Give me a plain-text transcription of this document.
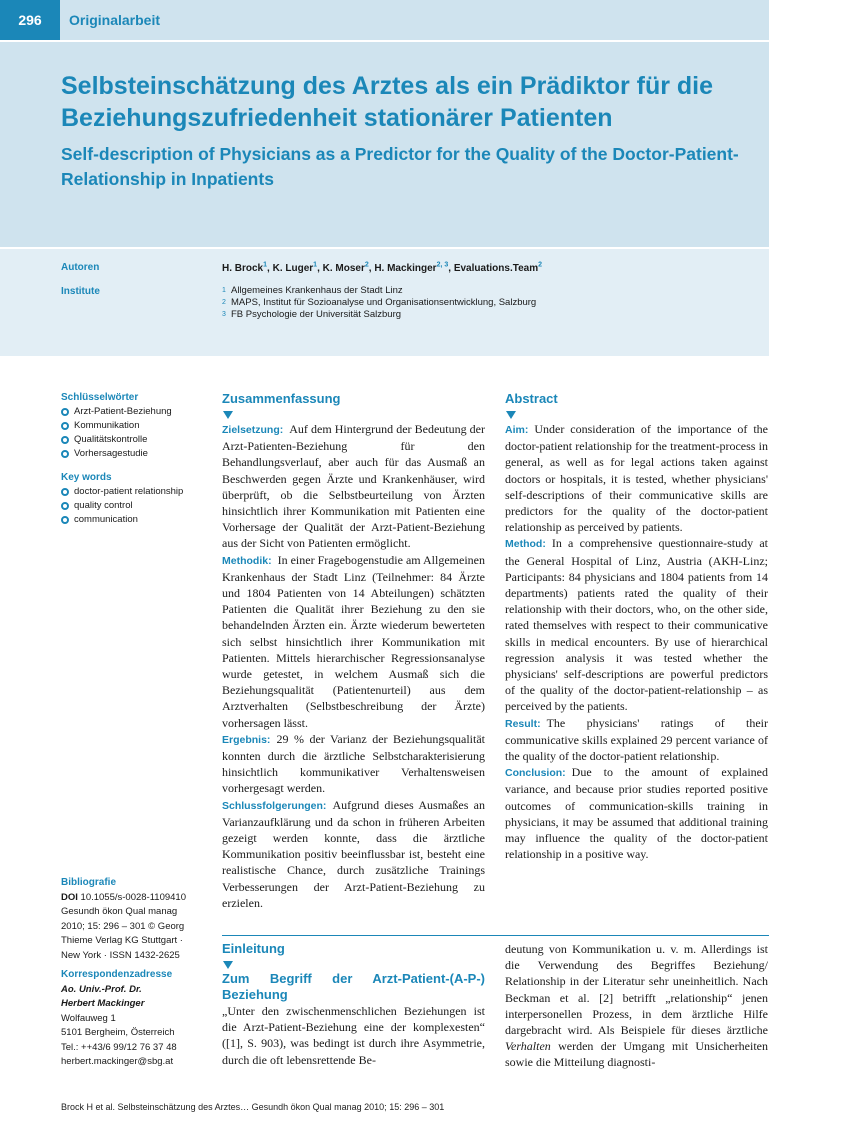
296	Originalarbeit
Selbsteinschätzung des Arztes als ein Prädiktor für die Beziehungszufriedenheit stationärer Patienten
Self-description of Physicians as a Predictor for the Quality of the Doctor-Patient-Relationship in Inpatients
Autoren
Institute
H. Brock$^1$, K. Luger$^1$, K. Moser$^2$, H. Mackinger$^{2, 3}$, Evaluations.Team$^2$
1 Allgemeines Krankenhaus der Stadt Linz
2 MAPS, Institut für Sozioanalyse und Organisationsentwicklung, Salzburg
3 FB Psychologie der Universität Salzburg
Schlüsselwörter
Arzt-Patient-Beziehung
Kommunikation
Qualitätskontrolle
Vorhersagestudie
Key words
doctor-patient relationship
quality control
communication
Bibliografie
DOI 10.1055/s-0028-1109410
Gesundh ökon Qual manag
2010; 15: 296 – 301 © Georg
Thieme Verlag KG Stuttgart ·
New York · ISSN 1432-2625
Korrespondenzadresse
Ao. Univ.-Prof. Dr.
Herbert Mackinger
Wolfauweg 1
5101 Bergheim, Österreich
Tel.: ++43/6 99/12 76 37 48
herbert.mackinger@sbg.at
Zusammenfassung

Zielsetzung: Auf dem Hintergrund der Bedeutung der Arzt-Patienten-Beziehung für den Behandlungsverlauf, aber auch für das Ausmaß an Beschwerden gegen Ärzte und Krankenhäuser, wird überprüft, ob die Selbstbeurteilung von Ärzten hinsichtlich ihrer Kommunikation mit Patienten eine Vorhersage der Qualität der Arzt-Patient-Beziehung aus der Sicht von Patienten ermöglicht.

Methodik: In einer Fragebogenstudie am Allgemeinen Krankenhaus der Stadt Linz (Teilnehmer: 84 Ärzte und 1804 Patienten von 14 Abteilungen) schätzten Patienten die Qualität ihrer Beziehung zu den sie behandelnden Ärzten ein. Ärzte wiederum bewerteten sich selbst hinsichtlich ihrer Kommunikation mit Patienten. Mittels hierarchischer Regressionsanalyse wurde getestet, in welchem Ausmaß sich die Beziehungsqualität (Patientenurteil) aus dem Arztverhalten (Selbstbeschreibung der Ärzte) vorhersagen lässt.

Ergebnis: 29 % der Varianz der Beziehungsqualität konnten durch die ärztliche Selbstcharakterisierung hinsichtlich kommunikativer Verhaltensweisen vorhergesagt werden.

Schlussfolgerungen: Aufgrund dieses Ausmaßes an Varianzaufklärung und da schon in früheren Arbeiten gezeigt werden konnte, dass die ärztliche Kommunikation positiv beeinflussbar ist, besteht eine realistische Chance, durch zusätzliche Trainings Verbesserungen der Arzt-Patient-Beziehung zu erzielen.

Abstract

Aim: Under consideration of the importance of the doctor-patient relationship for the treatment-process in general, as well as for legal actions taken against doctors or hospitals, it is tested, whether physicians' self-descriptions of their communicative skills are predictors for the quality of the doctor-patient relationship as perceived by patients.

Method: In a comprehensive questionnaire-study at the General Hospital of Linz, Austria (AKH-Linz; Participants: 84 physicians and 1804 patients from 14 departments) patients rated the quality of their relationship with their doctors, who, on the other side, rated themselves with respect to their communicative skills in medical encounters. By use of hierarchical regression analysis it was tested whether the physicians' self-descriptions are powerful predictors of the quality of the doctor-patient-relationship – as perceived by the patients.

Result: The physicians' ratings of their communicative skills explained 29 percent variance of the quality of the doctor-patient relationship.

Conclusion: Due to the amount of explained variance, and because prior studies reported positive outcomes of communication-skills training in physicians, it may be assumed that additional training may influence the quality of the doctor-patient relationship in a positive way.

Einleitung
Zum Begriff der Arzt-Patient-(A-P-) Beziehung

„Unter den zwischenmenschlichen Beziehungen ist die Arzt-Patient-Beziehung eine der komplexesten“ ([1], S. 903), was bedingt ist durch ihre Asymmetrie, durch die oft lebensrettende Be-

deutung von Kommunikation u. v. m. Allerdings ist die Verwendung des Begriffes Beziehung/ Relationship in der Literatur sehr uneinheitlich. Nach Beckman et al. [2] betrifft „relationship“ jenen interpersonellen Prozess, in dem ärztliche Hilfe dargebracht wird. Als Beispiele für dieses ärztliche Verhalten werden der Umgang mit Unsicherheiten sowie die Mitteilung diagnosti-

Brock H et al. Selbsteinschätzung des Arztes… Gesundh ökon Qual manag 2010; 15: 296 – 301
